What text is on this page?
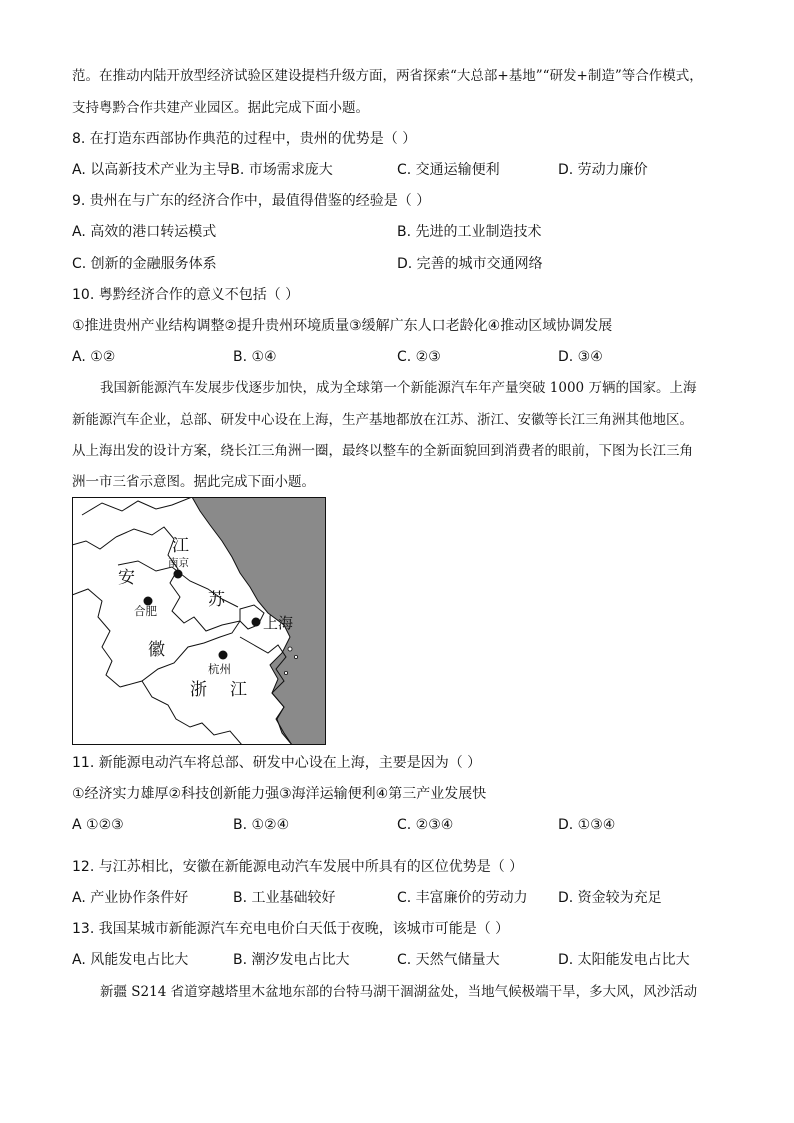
范。在推动内陆开放型经济试验区建设提档升级方面，两省探索“大总部+基地”“研发+制造”等合作模式，
支持粤黔合作共建产业园区。据此完成下面小题。
8. 在打造东西部协作典范的过程中，贵州的优势是（ ）
A. 以高新技术产业为主导B. 市场需求庞大	C. 交通运输便利	D. 劳动力廉价
9. 贵州在与广东的经济合作中，最值得借鉴的经验是（ ）
A. 高效的港口转运模式	B. 先进的工业制造技术
C. 创新的金融服务体系	D. 完善的城市交通网络
10. 粤黔经济合作的意义不包括（ ）
①推进贵州产业结构调整②提升贵州环境质量③缓解广东人口老龄化④推动区域协调发展
A. ①②	B. ①④	C. ②③	D. ③④
我国新能源汽车发展步伐逐步加快，成为全球第一个新能源汽车年产量突破 1000 万辆的国家。上海
新能源汽车企业，总部、研发中心设在上海，生产基地都放在江苏、浙江、安徽等长江三角洲其他地区。
从上海出发的设计方案，绕长江三角洲一圈，最终以整车的全新面貌回到消费者的眼前，下图为长江三角
洲一市三省示意图。据此完成下面小题。
江
南京
安
合肥
苏
上海
徽
杭州
浙 江
11. 新能源电动汽车将总部、研发中心设在上海，主要是因为（ ）
①经济实力雄厚②科技创新能力强③海洋运输便利④第三产业发展快
A ①②③	B. ①②④	C. ②③④	D. ①③④
12. 与江苏相比，安徽在新能源电动汽车发展中所具有的区位优势是（ ）
A. 产业协作条件好	B. 工业基础较好	C. 丰富廉价的劳动力 D. 资金较为充足
13. 我国某城市新能源汽车充电电价白天低于夜晚，该城市可能是（ ）
A. 风能发电占比大	B. 潮汐发电占比大	C. 天然气储量大	D. 太阳能发电占比大
新疆 S214 省道穿越塔里木盆地东部的台特马湖干涸湖盆处，当地气候极端干旱，多大风，风沙活动
